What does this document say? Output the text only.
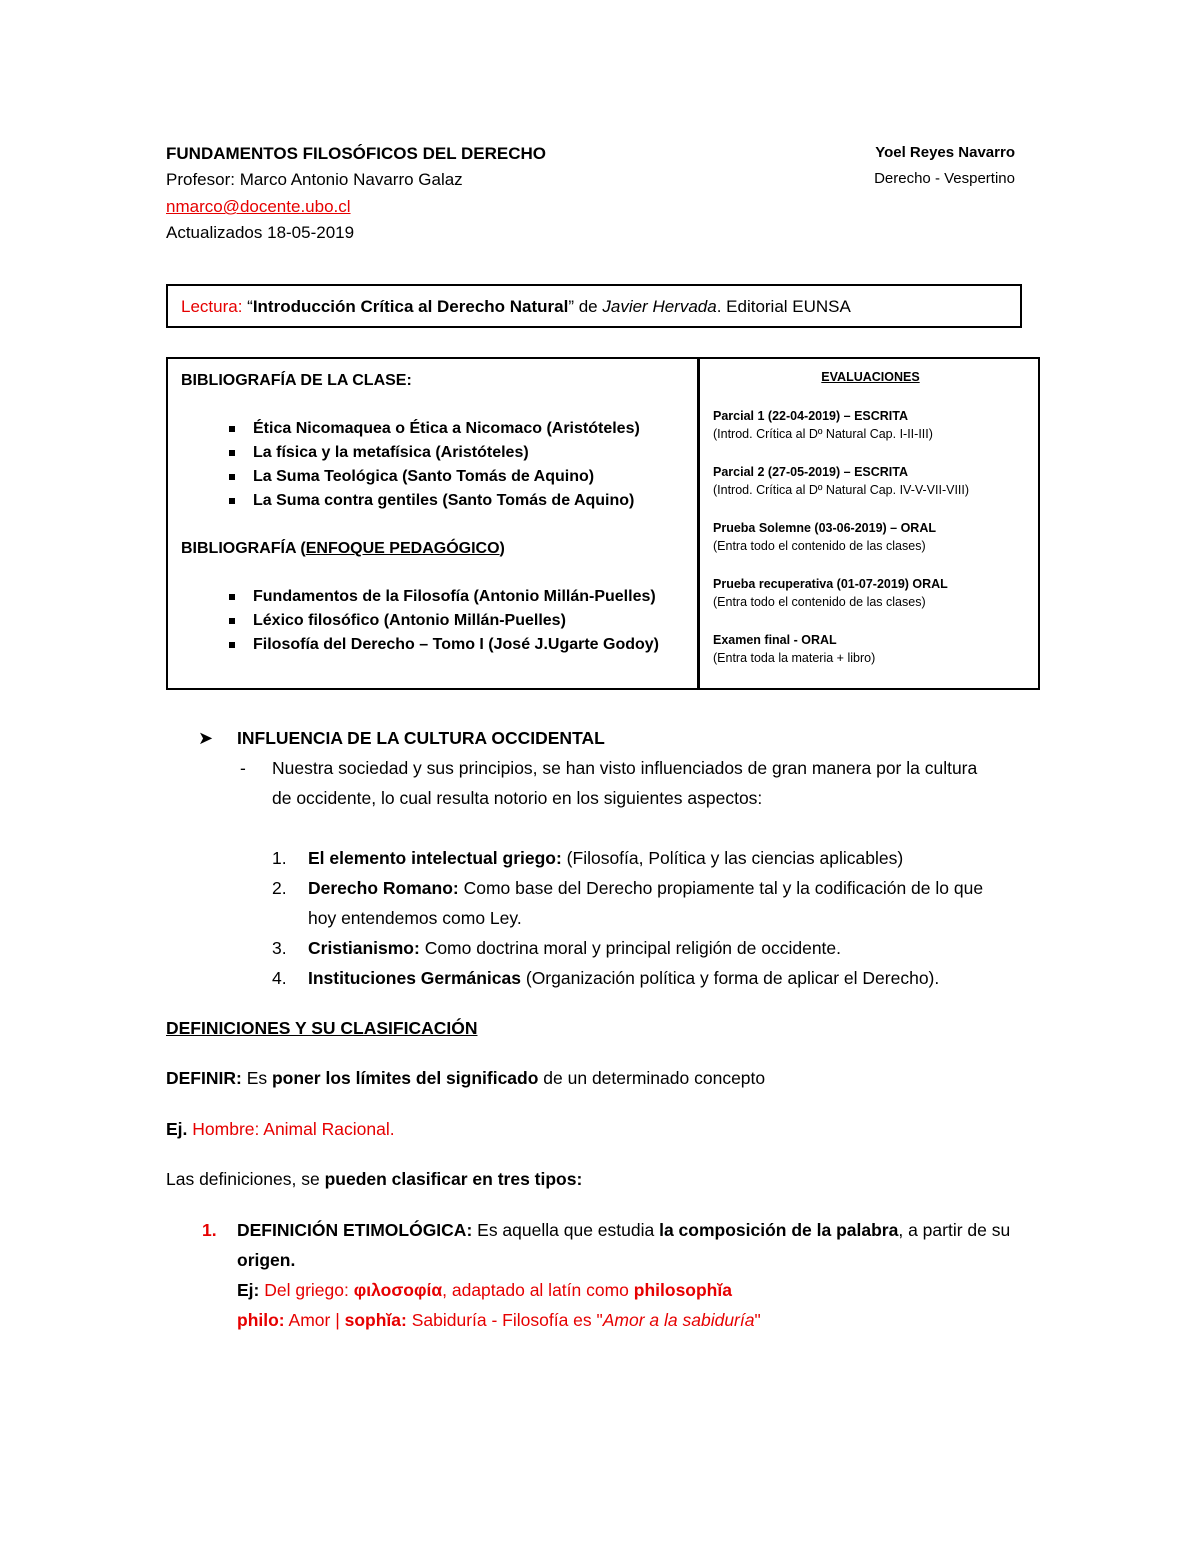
FUNDAMENTOS FILOSÓFICOS DEL DERECHO
Profesor: Marco Antonio Navarro Galaz
nmarco@docente.ubo.cl
Actualizados 18-05-2019
Yoel Reyes Navarro
Derecho - Vespertino
Lectura: “Introducción Crítica al Derecho Natural” de Javier Hervada. Editorial EUNSA
BIBLIOGRAFÍA DE LA CLASE:
Ética Nicomaquea o Ética a Nicomaco (Aristóteles)
La física y la metafísica (Aristóteles)
La Suma Teológica (Santo Tomás de Aquino)
La Suma contra gentiles (Santo Tomás de Aquino)
BIBLIOGRAFÍA (ENFOQUE PEDAGÓGICO)
Fundamentos de la Filosofía (Antonio Millán-Puelles)
Léxico filosófico (Antonio Millán-Puelles)
Filosofía del Derecho – Tomo I (José J.Ugarte Godoy)
EVALUACIONES
Parcial 1 (22-04-2019) – ESCRITA
(Introd. Crítica al Dº Natural Cap. I-II-III)
Parcial 2 (27-05-2019) – ESCRITA
(Introd. Crítica al Dº Natural Cap. IV-V-VII-VIII)
Prueba Solemne (03-06-2019) – ORAL
(Entra todo el contenido de las clases)
Prueba recuperativa (01-07-2019) ORAL
(Entra todo el contenido de las clases)
Examen final - ORAL
(Entra toda la materia + libro)
➤ INFLUENCIA DE LA CULTURA OCCIDENTAL
- Nuestra sociedad y sus principios, se han visto influenciados de gran manera por la cultura
de occidente, lo cual resulta notorio en los siguientes aspectos:
1. El elemento intelectual griego: (Filosofía, Política y las ciencias aplicables)
2. Derecho Romano: Como base del Derecho propiamente tal y la codificación de lo que
hoy entendemos como Ley.
3. Cristianismo: Como doctrina moral y principal religión de occidente.
4. Instituciones Germánicas (Organización política y forma de aplicar el Derecho).
DEFINICIONES Y SU CLASIFICACIÓN
DEFINIR: Es poner los límites del significado de un determinado concepto
Ej. Hombre: Animal Racional.
Las definiciones, se pueden clasificar en tres tipos:
1. DEFINICIÓN ETIMOLÓGICA: Es aquella que estudia la composición de la palabra, a partir de su
origen.
Ej: Del griego: φιλοσοφία, adaptado al latín como philosophĭa
philo: Amor | sophĭa: Sabiduría - Filosofía es "Amor a la sabiduría"
